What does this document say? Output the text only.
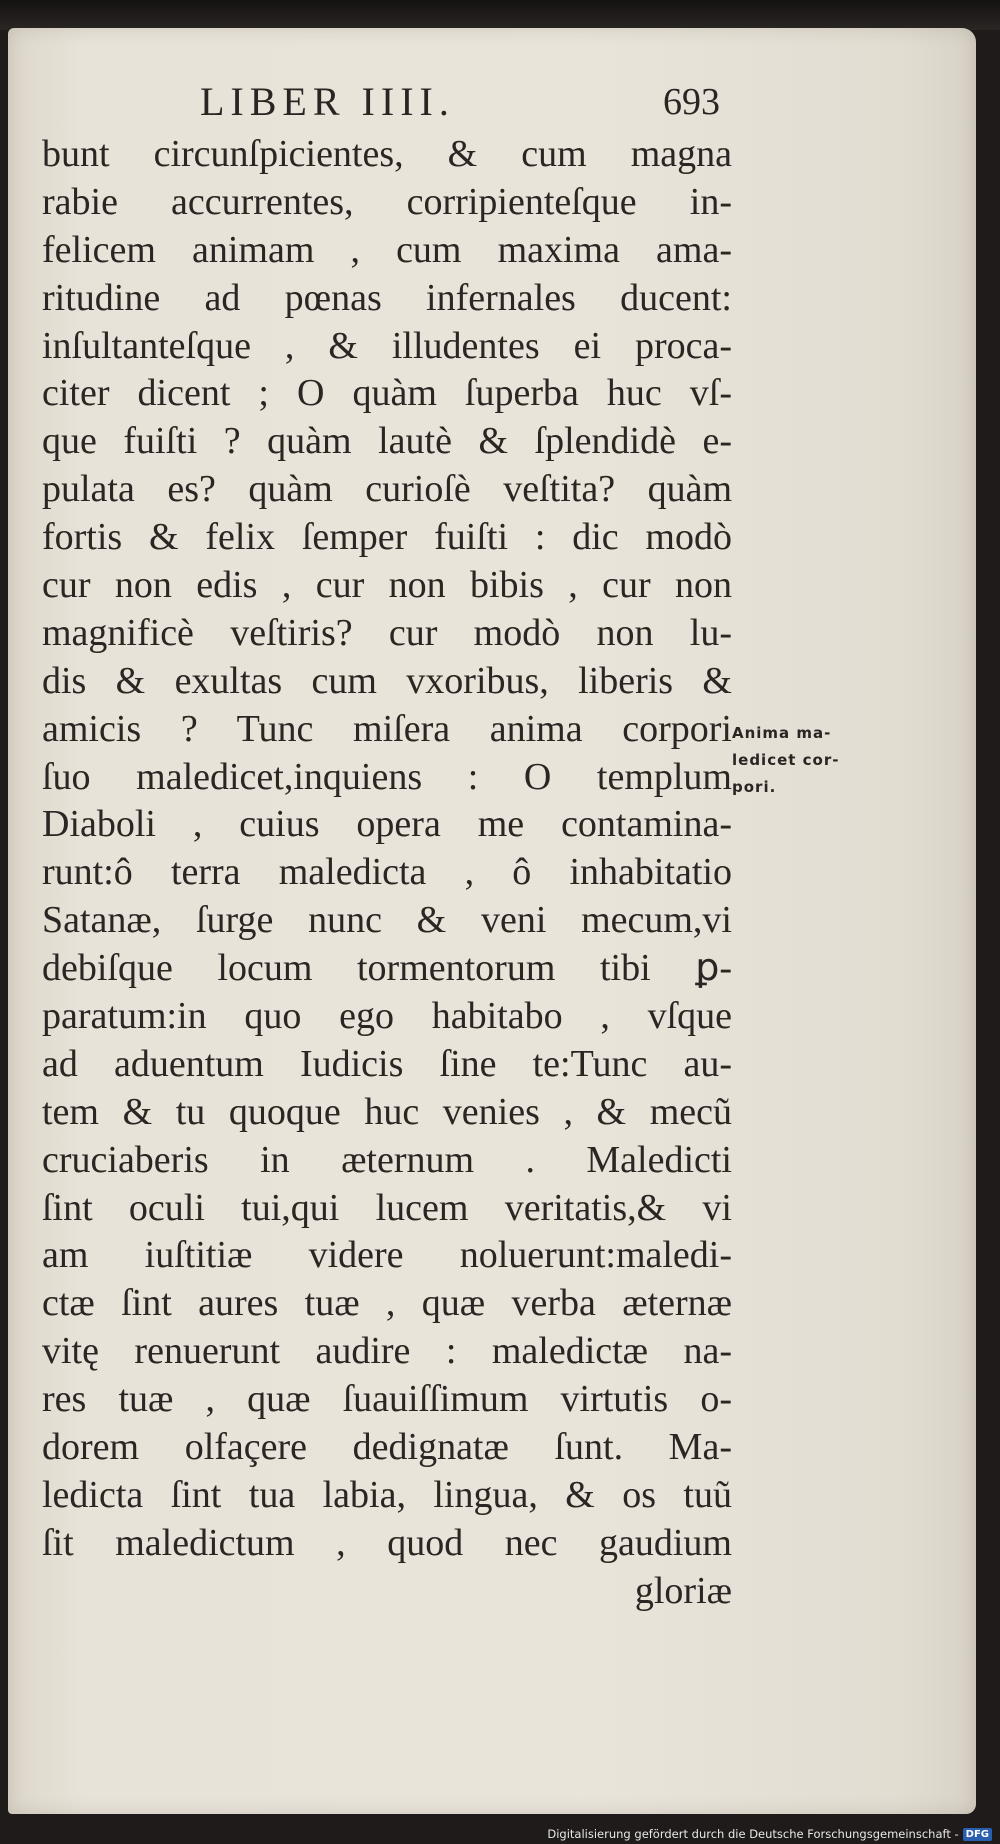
LIBER IIII.	693
bunt circunſpicientes, & cum magna
rabie accurrentes, corripienteſque in-
felicem animam , cum maxima ama-
ritudine ad pœnas infernales ducent:
inſultanteſque , & illudentes ei proca-
citer dicent ; O quàm ſuperba huc vſ-
que fuiſti ? quàm lautè & ſplendidè e-
pulata es? quàm curioſè veſtita? quàm
fortis & felix ſemper fuiſti : dic modò
cur non edis , cur non bibis , cur non
magnificè veſtiris? cur modò non lu-
dis & exultas cum vxoribus, liberis &
amicis ? Tunc miſera anima corpori
ſuo maledicet,inquiens : O templum
Diaboli , cuius opera me contamina-
runt:ô terra maledicta , ô inhabitatio
Satanæ, ſurge nunc & veni mecum,vi
debiſque locum tormentorum tibi ꝑ-
paratum:in quo ego habitabo , vſque
ad aduentum Iudicis ſine te:Tunc au-
tem & tu quoque huc venies , & mecũ
cruciaberis in æternum . Maledicti
ſint oculi tui,qui lucem veritatis,& vi
am iuſtitiæ videre noluerunt:maledi-
ctæ ſint aures tuæ , quæ verba æternæ
vitę renuerunt audire : maledictæ na-
res tuæ , quæ ſuauiſſimum virtutis o-
dorem olfaçere dedignatæ ſunt. Ma-
ledicta ſint tua labia, lingua, & os tuũ
ſit maledictum , quod nec gaudium
gloriæ
Anima ma-
ledicet cor-
pori.
Digitalisierung gefördert durch die Deutsche Forschungsgemeinschaft - DFG
